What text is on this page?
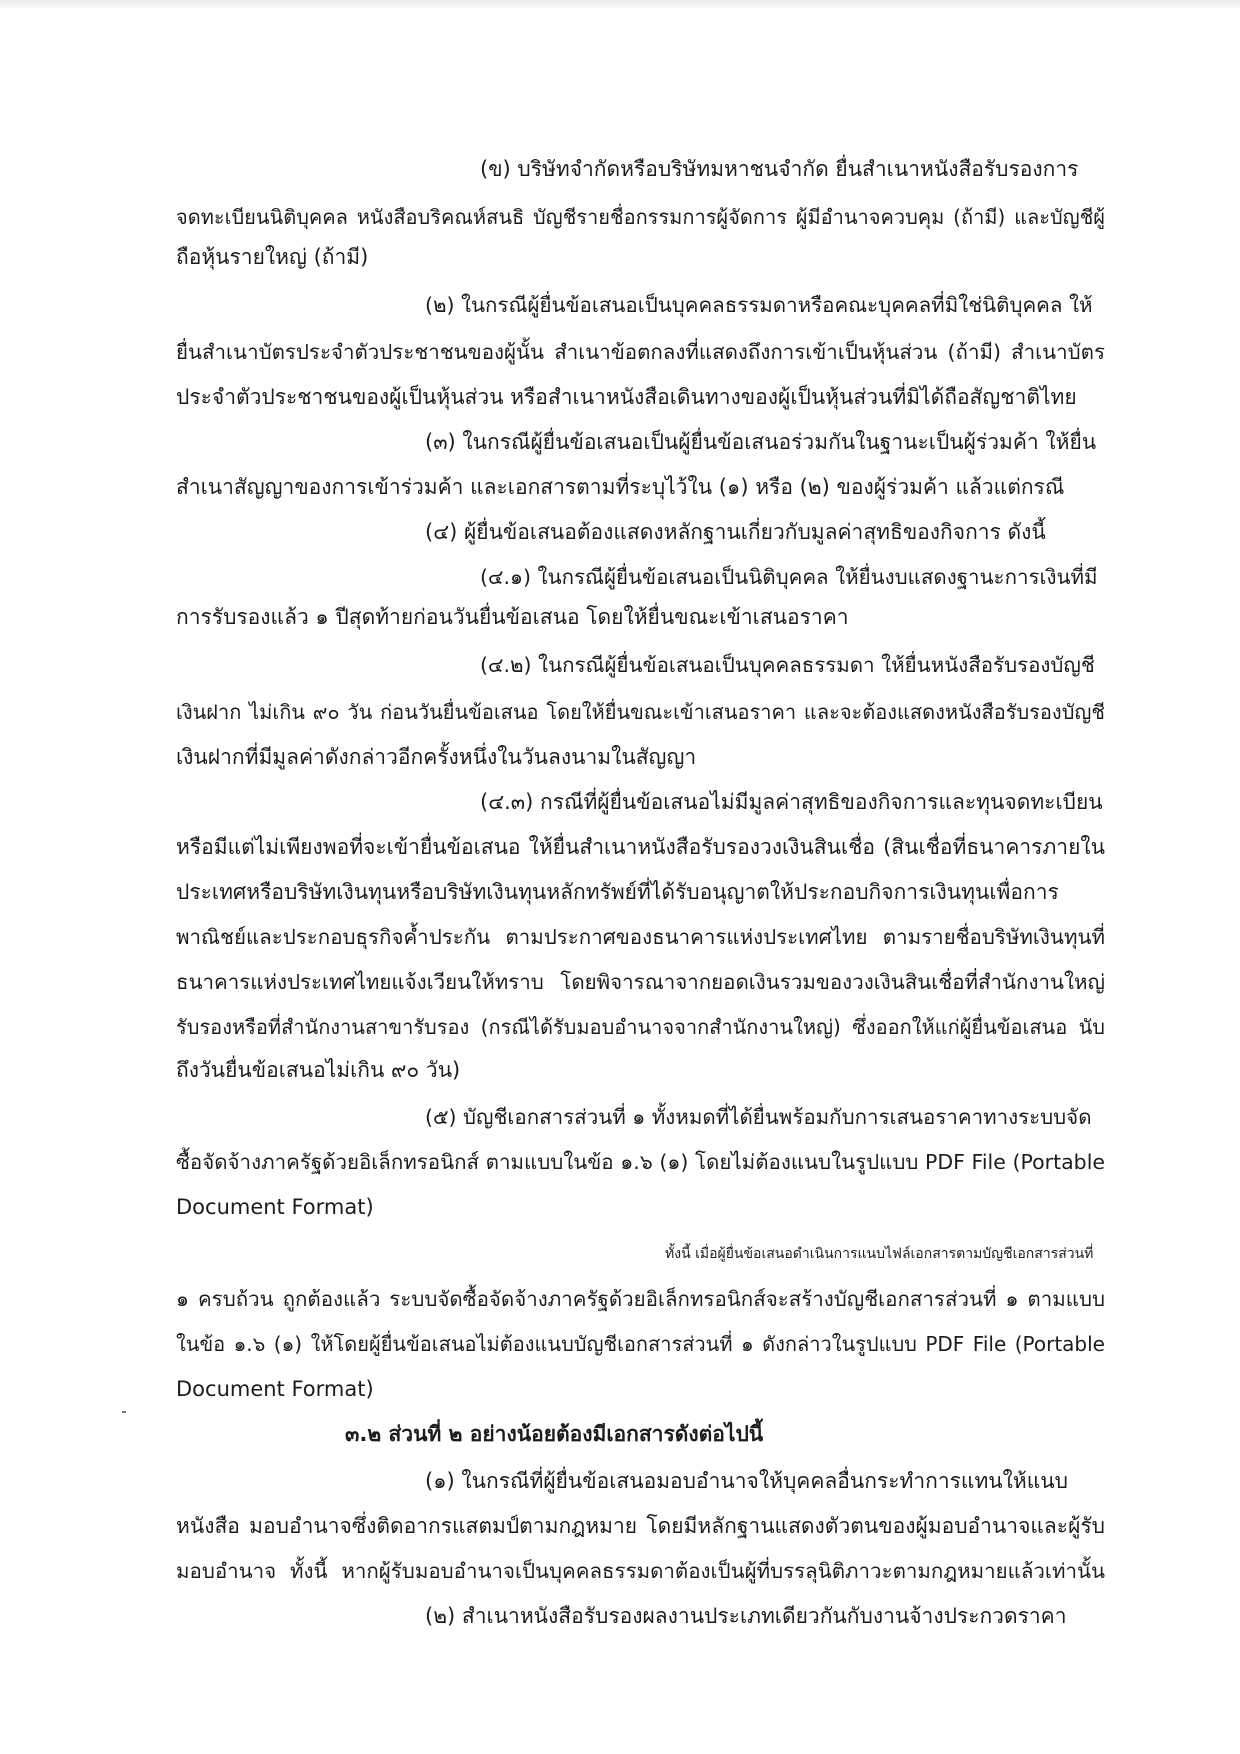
(ข) บริษัทจำกัดหรือบริษัทมหาชนจำกัด ยื่นสำเนาหนังสือรับรองการ

จดทะเบียนนิติบุคคล หนังสือบริคณห์สนธิ บัญชีรายชื่อกรรมการผู้จัดการ ผู้มีอำนาจควบคุม (ถ้ามี) และบัญชีผู้

ถือหุ้นรายใหญ่ (ถ้ามี)

(๒) ในกรณีผู้ยื่นข้อเสนอเป็นบุคคลธรรมดาหรือคณะบุคคลที่มิใช่นิติบุคคล ให้

ยื่นสำเนาบัตรประจำตัวประชาชนของผู้นั้น สำเนาข้อตกลงที่แสดงถึงการเข้าเป็นหุ้นส่วน (ถ้ามี) สำเนาบัตร

ประจำตัวประชาชนของผู้เป็นหุ้นส่วน หรือสำเนาหนังสือเดินทางของผู้เป็นหุ้นส่วนที่มิได้ถือสัญชาติไทย

(๓) ในกรณีผู้ยื่นข้อเสนอเป็นผู้ยื่นข้อเสนอร่วมกันในฐานะเป็นผู้ร่วมค้า ให้ยื่น

สำเนาสัญญาของการเข้าร่วมค้า และเอกสารตามที่ระบุไว้ใน (๑) หรือ (๒) ของผู้ร่วมค้า แล้วแต่กรณี

(๔) ผู้ยื่นข้อเสนอต้องแสดงหลักฐานเกี่ยวกับมูลค่าสุทธิของกิจการ ดังนี้

(๔.๑) ในกรณีผู้ยื่นข้อเสนอเป็นนิติบุคคล ให้ยื่นงบแสดงฐานะการเงินที่มี

การรับรองแล้ว ๑ ปีสุดท้ายก่อนวันยื่นข้อเสนอ โดยให้ยื่นขณะเข้าเสนอราคา

(๔.๒) ในกรณีผู้ยื่นข้อเสนอเป็นบุคคลธรรมดา ให้ยื่นหนังสือรับรองบัญชี

เงินฝาก ไม่เกิน ๙๐ วัน ก่อนวันยื่นข้อเสนอ โดยให้ยื่นขณะเข้าเสนอราคา และจะต้องแสดงหนังสือรับรองบัญชี

เงินฝากที่มีมูลค่าดังกล่าวอีกครั้งหนึ่งในวันลงนามในสัญญา

(๔.๓) กรณีที่ผู้ยื่นข้อเสนอไม่มีมูลค่าสุทธิของกิจการและทุนจดทะเบียน

หรือมีแต่ไม่เพียงพอที่จะเข้ายื่นข้อเสนอ ให้ยื่นสำเนาหนังสือรับรองวงเงินสินเชื่อ (สินเชื่อที่ธนาคารภายใน

ประเทศหรือบริษัทเงินทุนหรือบริษัทเงินทุนหลักทรัพย์ที่ได้รับอนุญาตให้ประกอบกิจการเงินทุนเพื่อการ

พาณิชย์และประกอบธุรกิจค้ำประกัน ตามประกาศของธนาคารแห่งประเทศไทย ตามรายชื่อบริษัทเงินทุนที่

ธนาคารแห่งประเทศไทยแจ้งเวียนให้ทราบ โดยพิจารณาจากยอดเงินรวมของวงเงินสินเชื่อที่สำนักงานใหญ่

รับรองหรือที่สำนักงานสาขารับรอง (กรณีได้รับมอบอำนาจจากสำนักงานใหญ่) ซึ่งออกให้แก่ผู้ยื่นข้อเสนอ นับ

ถึงวันยื่นข้อเสนอไม่เกิน ๙๐ วัน)

(๕) บัญชีเอกสารส่วนที่ ๑ ทั้งหมดที่ได้ยื่นพร้อมกับการเสนอราคาทางระบบจัด

ซื้อจัดจ้างภาครัฐด้วยอิเล็กทรอนิกส์ ตามแบบในข้อ ๑.๖ (๑) โดยไม่ต้องแนบในรูปแบบ PDF File (Portable

Document Format)

ทั้งนี้ เมื่อผู้ยื่นข้อเสนอดำเนินการแนบไฟล์เอกสารตามบัญชีเอกสารส่วนที่

๑ ครบถ้วน ถูกต้องแล้ว ระบบจัดซื้อจัดจ้างภาครัฐด้วยอิเล็กทรอนิกส์จะสร้างบัญชีเอกสารส่วนที่ ๑ ตามแบบ

ในข้อ ๑.๖ (๑) ให้โดยผู้ยื่นข้อเสนอไม่ต้องแนบบัญชีเอกสารส่วนที่ ๑ ดังกล่าวในรูปแบบ PDF File (Portable

Document Format)

๓.๒ ส่วนที่ ๒ อย่างน้อยต้องมีเอกสารดังต่อไปนี้

(๑) ในกรณีที่ผู้ยื่นข้อเสนอมอบอำนาจให้บุคคลอื่นกระทำการแทนให้แนบ

หนังสือ มอบอำนาจซึ่งติดอากรแสตมป์ตามกฎหมาย โดยมีหลักฐานแสดงตัวตนของผู้มอบอำนาจและผู้รับ

มอบอำนาจ ทั้งนี้ หากผู้รับมอบอำนาจเป็นบุคคลธรรมดาต้องเป็นผู้ที่บรรลุนิติภาวะตามกฎหมายแล้วเท่านั้น

(๒) สำเนาหนังสือรับรองผลงานประเภทเดียวกันกับงานจ้างประกวดราคา
